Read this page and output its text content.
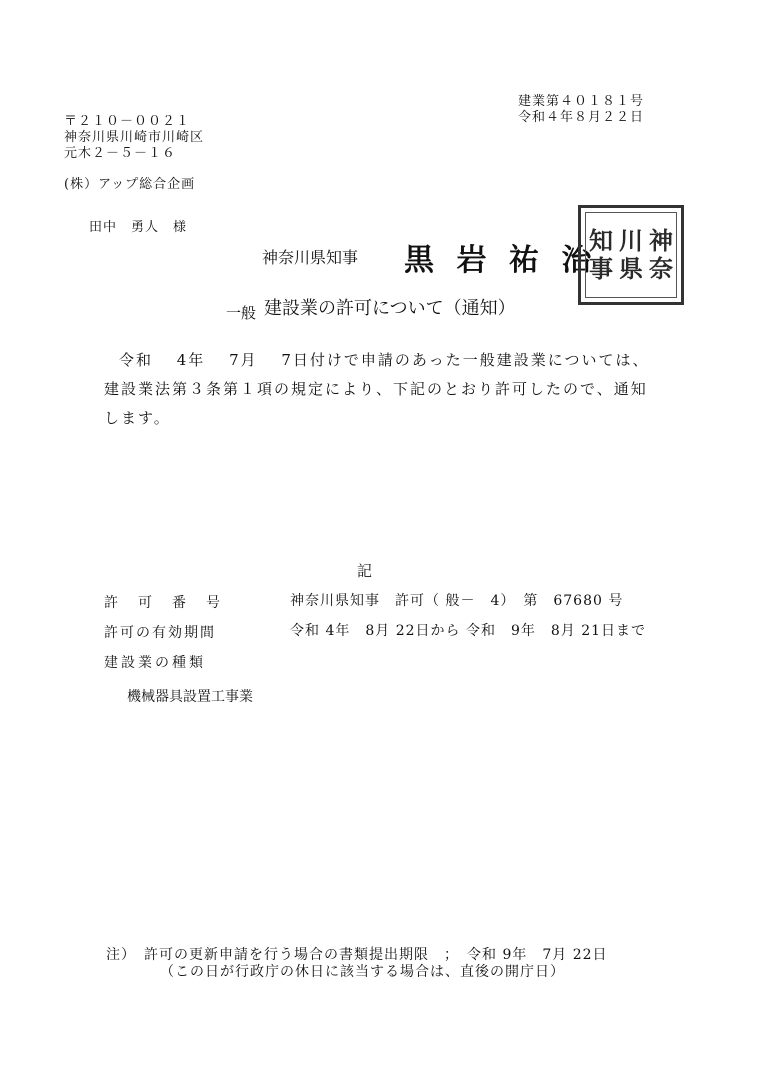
建業第４０１８１号
令和４年８月２２日
〒２１０－００２１
神奈川県川崎市川崎区
元木２－５－１６
(株）アップ総合企画
田中　勇人　様
神奈川県知事 黒 岩 祐 治
神
奈
川
県
知
事
一般 建設業の許可について（通知）
令和　 4年　 7月　 7日付けで申請のあった一般建設業については、
建設業法第３条第１項の規定により、下記のとおり許可したので、通知
します。
記
許　可　番　号	神奈川県知事　許可（ 般－　4）　第　67680 号
許可の有効期間	令和 4年　8月 22日から 令和　9年　8月 21日まで
建設業の種類
機械器具設置工事業
注）　許可の更新申請を行う場合の書類提出期限　；　令和 9年　7月 22日
（この日が行政庁の休日に該当する場合は、直後の開庁日）
